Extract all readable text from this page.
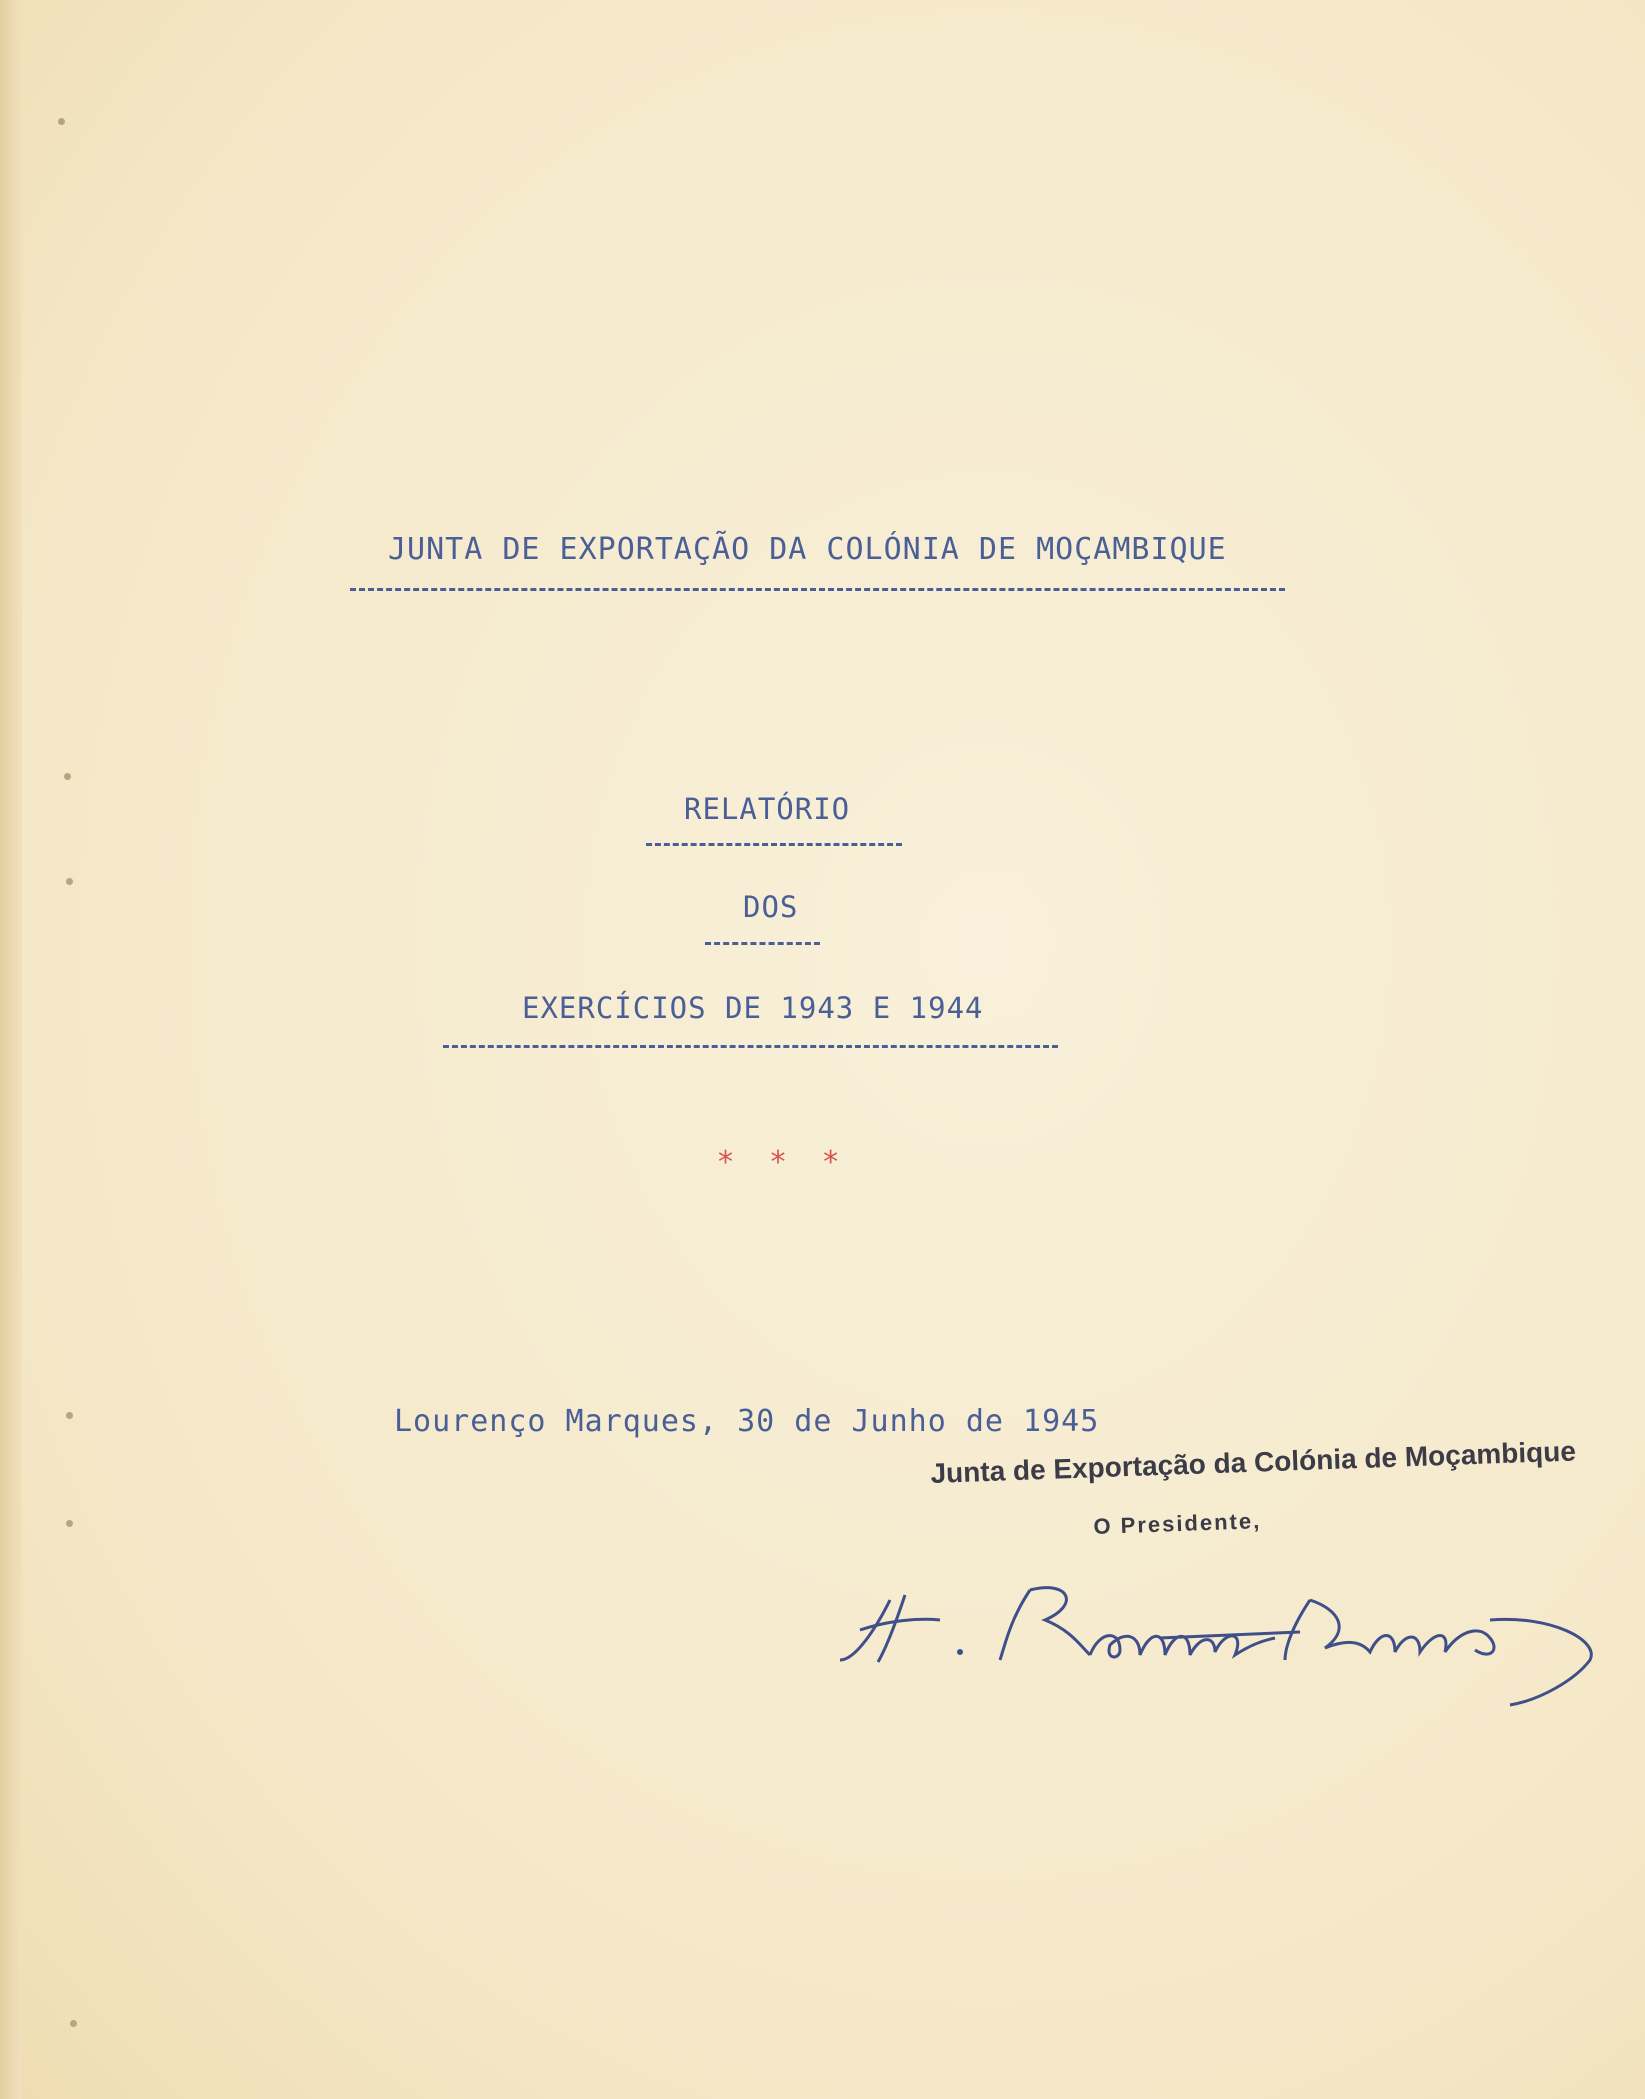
JUNTA DE EXPORTAÇÃO DA COLÓNIA DE MOÇAMBIQUE
RELATÓRIO
DOS
EXERCÍCIOS DE 1943 E 1944
* * *
Lourenço Marques, 30 de Junho de 1945
Junta de Exportação da Colónia de Moçambique
O Presidente,
